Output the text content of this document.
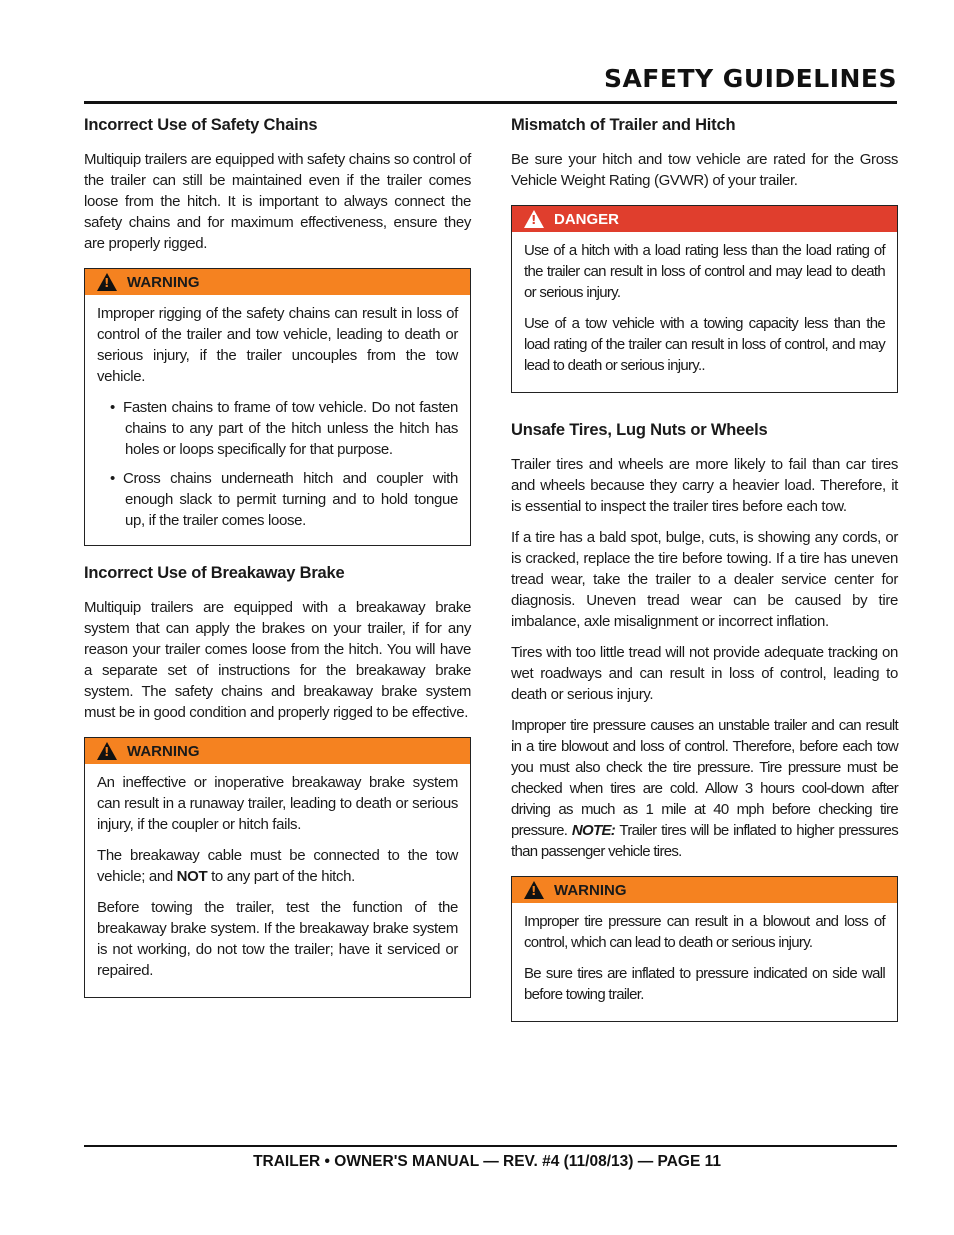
SAFETY GUIDELINES
Incorrect Use of Safety Chains

Multiquip trailers are equipped with safety chains so control of the trailer can still be maintained even if the trailer comes loose from the hitch. It is important to always connect the safety chains and for maximum effectiveness, ensure they are properly rigged.

!
WARNING

Improper rigging of the safety chains can result in loss of control of the trailer and tow vehicle, leading to death or serious injury, if the trailer uncouples from the tow vehicle.

• Fasten chains to frame of tow vehicle. Do not fasten chains to any part of the hitch unless the hitch has holes or loops specifically for that purpose.
• Cross chains underneath hitch and coupler with enough slack to permit turning and to hold tongue up, if the trailer comes loose.
Incorrect Use of Breakaway Brake

Multiquip trailers are equipped with a breakaway brake system that can apply the brakes on your trailer, if for any reason your trailer comes loose from the hitch. You will have a separate set of instructions for the breakaway brake system. The safety chains and breakaway brake system must be in good condition and properly rigged to be effective.

!
WARNING

An ineffective or inoperative breakaway brake system can result in a runaway trailer, leading to death or serious injury, if the coupler or hitch fails.

The breakaway cable must be connected to the tow vehicle; and NOT to any part of the hitch.

Before towing the trailer, test the function of the breakaway brake system. If the breakaway brake system is not working, do not tow the trailer; have it serviced or repaired.

Mismatch of Trailer and Hitch

Be sure your hitch and tow vehicle are rated for the Gross Vehicle Weight Rating (GVWR) of your trailer.

!
DANGER

Use of a hitch with a load rating less than the load rating of the trailer can result in loss of control and may lead to death or serious injury.

Use of a tow vehicle with a towing capacity less than the load rating of the trailer can result in loss of control, and may lead to death or serious injury..

Unsafe Tires, Lug Nuts or Wheels

Trailer tires and wheels are more likely to fail than car tires and wheels because they carry a heavier load. Therefore, it is essential to inspect the trailer tires before each tow.

If a tire has a bald spot, bulge, cuts, is showing any cords, or is cracked, replace the tire before towing. If a tire has uneven tread wear, take the trailer to a dealer service center for diagnosis. Uneven tread wear can be caused by tire imbalance, axle misalignment or incorrect inflation.

Tires with too little tread will not provide adequate tracking on wet roadways and can result in loss of control, leading to death or serious injury.

Improper tire pressure causes an unstable trailer and can result in a tire blowout and loss of control. Therefore, before each tow you must also check the tire pressure. Tire pressure must be checked when tires are cold. Allow 3 hours cool-down after driving as much as 1 mile at 40 mph before checking tire pressure. NOTE: Trailer tires will be inflated to higher pressures than passenger vehicle tires.

!
WARNING

Improper tire pressure can result in a blowout and loss of control, which can lead to death or serious injury.

Be sure tires are inflated to pressure indicated on side wall before towing trailer.

TRAILER • OWNER'S MANUAL — REV. #4 (11/08/13) — PAGE 11
